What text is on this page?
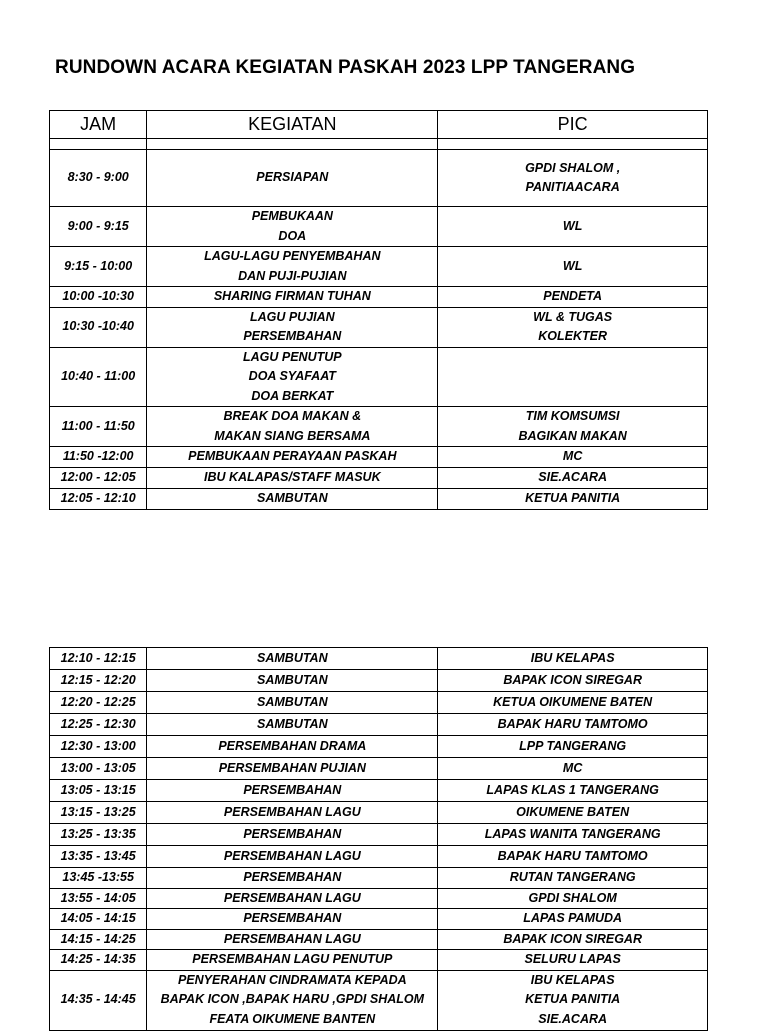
RUNDOWN ACARA KEGIATAN PASKAH 2023 LPP TANGERANG
JAM	KEGIATAN	PIC

8:30 - 9:00	PERSIAPAN	GPDI SHALOM ,
PANITIAACARA

9:00 - 9:15	PEMBUKAAN
DOA	WL

9:15 - 10:00	LAGU-LAGU PENYEMBAHAN
DAN PUJI-PUJIAN	WL

10:00 -10:30	SHARING FIRMAN TUHAN	PENDETA

10:30 -10:40	LAGU PUJIAN
PERSEMBAHAN	WL & TUGAS
KOLEKTER

10:40 - 11:00	LAGU PENUTUP
DOA SYAFAAT
DOA BERKAT	

11:00 - 11:50	BREAK DOA MAKAN &
MAKAN SIANG BERSAMA	TIM KOMSUMSI
BAGIKAN MAKAN

11:50 -12:00	PEMBUKAAN PERAYAAN PASKAH	MC

12:00 - 12:05	IBU KALAPAS/STAFF MASUK	SIE.ACARA

12:05 - 12:10	SAMBUTAN	KETUA PANITIA
12:10 - 12:15	SAMBUTAN	IBU KELAPAS

12:15 - 12:20	SAMBUTAN	BAPAK ICON SIREGAR

12:20 - 12:25	SAMBUTAN	KETUA OIKUMENE BATEN

12:25 - 12:30	SAMBUTAN	BAPAK HARU TAMTOMO

12:30 - 13:00	PERSEMBAHAN DRAMA	LPP TANGERANG

13:00 - 13:05	PERSEMBAHAN PUJIAN	MC

13:05 - 13:15	PERSEMBAHAN	LAPAS KLAS 1 TANGERANG

13:15 - 13:25	PERSEMBAHAN LAGU	OIKUMENE BATEN

13:25 - 13:35	PERSEMBAHAN	LAPAS WANITA TANGERANG

13:35 - 13:45	PERSEMBAHAN LAGU	BAPAK HARU TAMTOMO

13:45 -13:55	PERSEMBAHAN	RUTAN TANGERANG

13:55 - 14:05	PERSEMBAHAN LAGU	GPDI SHALOM

14:05 - 14:15	PERSEMBAHAN	LAPAS PAMUDA

14:15 - 14:25	PERSEMBAHAN LAGU	BAPAK ICON SIREGAR

14:25 - 14:35	PERSEMBAHAN LAGU PENUTUP	SELURU LAPAS

14:35 - 14:45	PENYERAHAN CINDRAMATA KEPADA
BAPAK ICON ,BAPAK HARU ,GPDI SHALOM
FEATA OIKUMENE BANTEN	IBU KELAPAS
KETUA PANITIA
SIE.ACARA
